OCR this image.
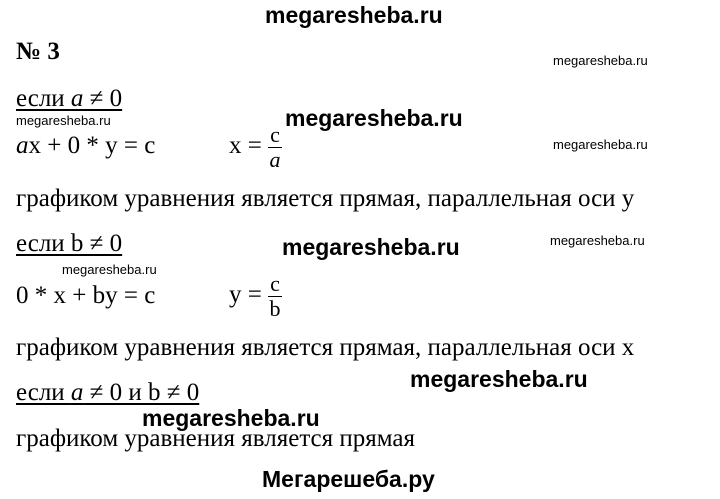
megaresheba.ru
№ 3	megaresheba.ru
если a ≠ 0
megaresheba.ru	megaresheba.ru
megaresheba.ru
ax + 0 * y = c	$x = \frac{c}{a}$
графиком уравнения является прямая, параллельная оси y
если b ≠ 0	megaresheba.ru	megaresheba.ru
megaresheba.ru
0 * x + by = c	$y = \frac{c}{b}$
графиком уравнения является прямая, параллельная оси x
megaresheba.ru
если a ≠ 0 и b ≠ 0
megaresheba.ru
графиком уравнения является прямая
Мегарешеба.ру
